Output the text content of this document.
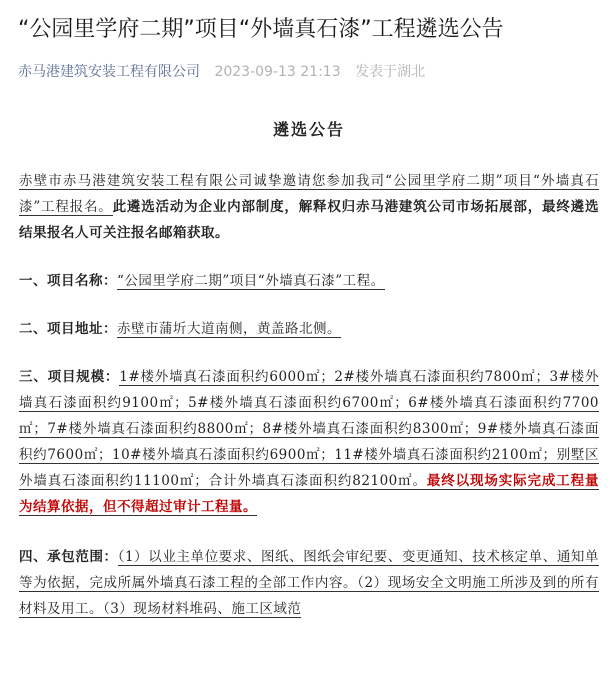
“公园里学府二期”项目“外墙真石漆”工程遴选公告
赤马港建筑安装工程有限公司 2023-09-13 21:13 发表于湖北
遴选公告

赤壁市赤马港建筑安装工程有限公司诚挚邀请您参加我司“公园里学府二期”项目“外墙真石漆”工程报名。此遴选活动为企业内部制度，解释权归赤马港建筑公司市场拓展部，最终遴选结果报名人可关注报名邮箱获取。

一、项目名称：“公园里学府二期”项目“外墙真石漆”工程。

二、项目地址：赤壁市蒲圻大道南侧，黄盖路北侧。

三、项目规模：1#楼外墙真石漆面积约6000㎡；2#楼外墙真石漆面积约7800㎡；3#楼外墙真石漆面积约9100㎡；5#楼外墙真石漆面积约6700㎡；6#楼外墙真石漆面积约7700㎡；7#楼外墙真石漆面积约8800㎡；8#楼外墙真石漆面积约8300㎡；9#楼外墙真石漆面积约7600㎡；10#楼外墙真石漆面积约6900㎡；11#楼外墙真石漆面积约2100㎡；别墅区外墙真石漆面积约11100㎡；合计外墙真石漆面积约82100㎡。最终以现场实际完成工程量为结算依据，但不得超过审计工程量。

四、承包范围：（1）以业主单位要求、图纸、图纸会审纪要、变更通知、技术核定单、通知单等为依据，完成所属外墙真石漆工程的全部工作内容。（2）现场安全文明施工所涉及到的所有材料及用工。（3）现场材料堆码、施工区域范
